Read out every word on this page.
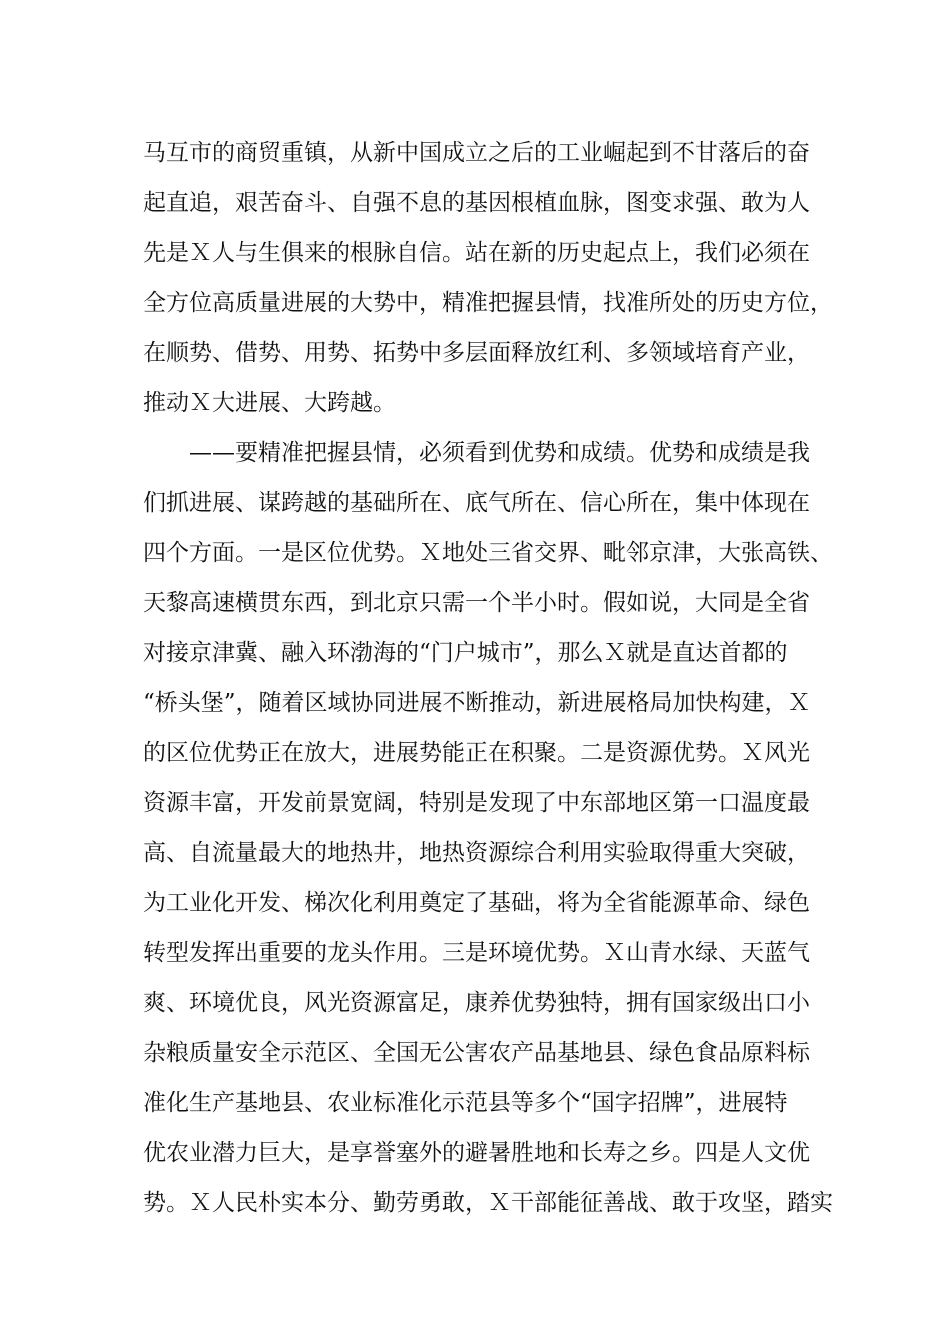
马互市的商贸重镇，从新中国成立之后的工业崛起到不甘落后的奋
起直追，艰苦奋斗、自强不息的基因根植血脉，图变求强、敢为人
先是Ｘ人与生俱来的根脉自信。站在新的历史起点上，我们必须在
全方位高质量进展的大势中，精准把握县情，找准所处的历史方位，
在顺势、借势、用势、拓势中多层面释放红利、多领域培育产业，
推动Ｘ大进展、大跨越。
——要精准把握县情，必须看到优势和成绩。优势和成绩是我
们抓进展、谋跨越的基础所在、底气所在、信心所在，集中体现在
四个方面。一是区位优势。Ｘ地处三省交界、毗邻京津，大张高铁、
天黎高速横贯东西，到北京只需一个半小时。假如说，大同是全省
对接京津冀、融入环渤海的“门户城市”，那么Ｘ就是直达首都的
“桥头堡”，随着区域协同进展不断推动，新进展格局加快构建，Ｘ
的区位优势正在放大，进展势能正在积聚。二是资源优势。Ｘ风光
资源丰富，开发前景宽阔，特别是发现了中东部地区第一口温度最
高、自流量最大的地热井，地热资源综合利用实验取得重大突破，
为工业化开发、梯次化利用奠定了基础，将为全省能源革命、绿色
转型发挥出重要的龙头作用。三是环境优势。Ｘ山青水绿、天蓝气
爽、环境优良，风光资源富足，康养优势独特，拥有国家级出口小
杂粮质量安全示范区、全国无公害农产品基地县、绿色食品原料标
准化生产基地县、农业标准化示范县等多个“国字招牌”，进展特
优农业潜力巨大，是享誉塞外的避暑胜地和长寿之乡。四是人文优
势。Ｘ人民朴实本分、勤劳勇敢，Ｘ干部能征善战、敢于攻坚，踏实
